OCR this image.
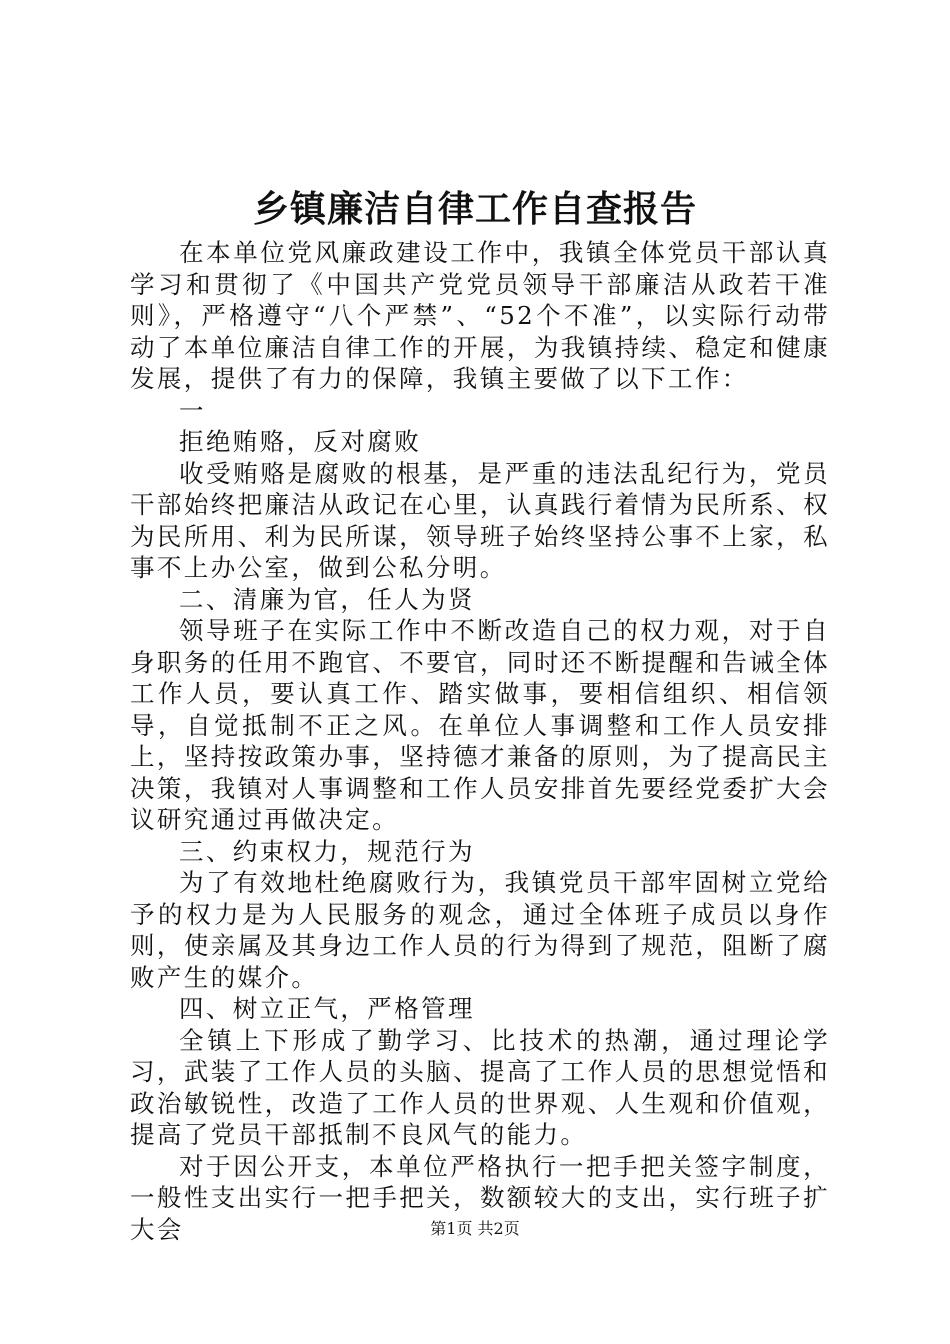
乡镇廉洁自律工作自查报告

在本单位党风廉政建设工作中，我镇全体党员干部认真学习和贯彻了《中国共产党党员领导干部廉洁从政若干准则》，严格遵守“八个严禁”、“52个不准”，以实际行动带动了本单位廉洁自律工作的开展，为我镇持续、稳定和健康发展，提供了有力的保障，我镇主要做了以下工作：

一

拒绝贿赂，反对腐败

收受贿赂是腐败的根基，是严重的违法乱纪行为，党员干部始终把廉洁从政记在心里，认真践行着情为民所系、权为民所用、利为民所谋，领导班子始终坚持公事不上家，私事不上办公室，做到公私分明。

二、清廉为官，任人为贤

领导班子在实际工作中不断改造自己的权力观，对于自身职务的任用不跑官、不要官，同时还不断提醒和告诫全体工作人员，要认真工作、踏实做事，要相信组织、相信领导，自觉抵制不正之风。在单位人事调整和工作人员安排上，坚持按政策办事，坚持德才兼备的原则，为了提高民主决策，我镇对人事调整和工作人员安排首先要经党委扩大会议研究通过再做决定。

三、约束权力，规范行为

为了有效地杜绝腐败行为，我镇党员干部牢固树立党给予的权力是为人民服务的观念，通过全体班子成员以身作则，使亲属及其身边工作人员的行为得到了规范，阻断了腐败产生的媒介。

四、树立正气，严格管理

全镇上下形成了勤学习、比技术的热潮，通过理论学习，武装了工作人员的头脑、提高了工作人员的思想觉悟和政治敏锐性，改造了工作人员的世界观、人生观和价值观，提高了党员干部抵制不良风气的能力。

对于因公开支，本单位严格执行一把手把关签字制度，一般性支出实行一把手把关，数额较大的支出，实行班子扩大会	第1页 共2页
